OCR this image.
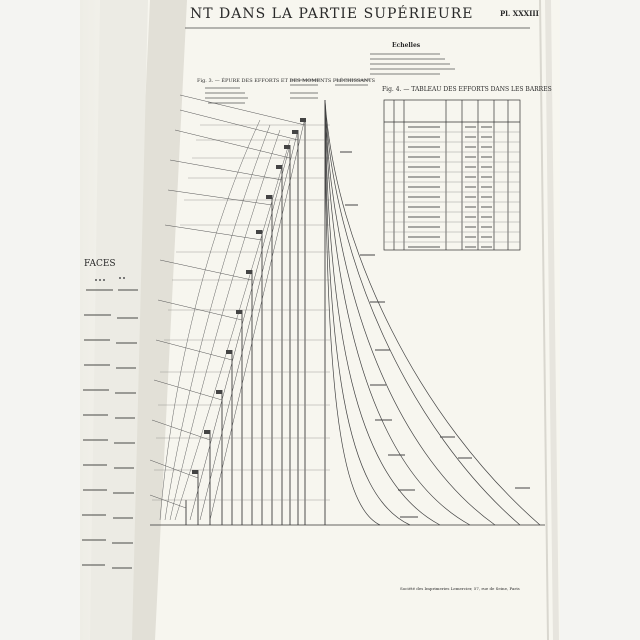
NT DANS LA PARTIE SUPÉRIEURE	Pl. XXXIII
Echelles
Fig. 3. — ÉPURE DES EFFORTS ET DES MOMENTS FLÉCHISSANTS
Fig. 4. — TABLEAU DES EFFORTS DANS LES BARRES
FACES
Société des Imprimeries Lemercier, 57, rue de Seine, Paris
